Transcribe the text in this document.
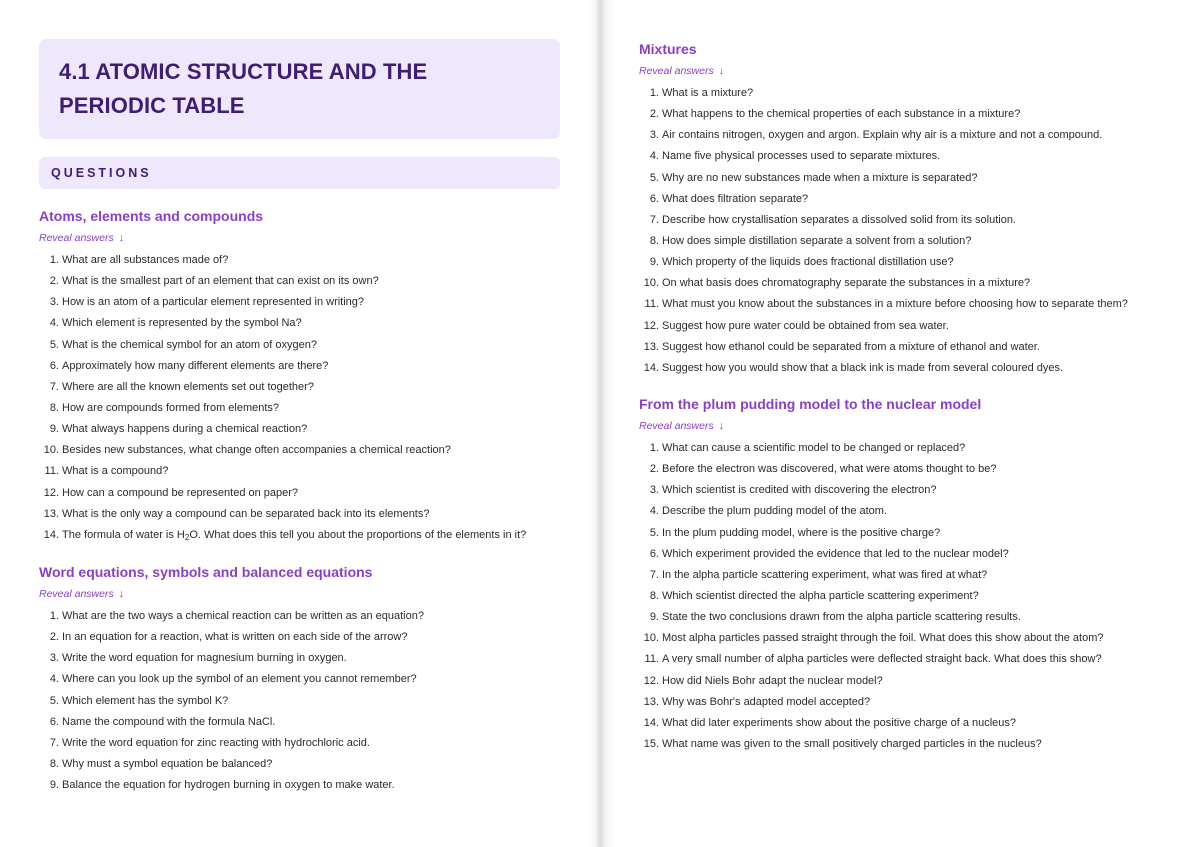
4.1 ATOMIC STRUCTURE AND THE
PERIODIC TABLE

QUESTIONS
Atoms, elements and compounds
Reveal answers ↓
1. What are all substances made of?
2. What is the smallest part of an element that can exist on its own?
3. How is an atom of a particular element represented in writing?
4. Which element is represented by the symbol Na?
5. What is the chemical symbol for an atom of oxygen?
6. Approximately how many different elements are there?
7. Where are all the known elements set out together?
8. How are compounds formed from elements?
9. What always happens during a chemical reaction?
10. Besides new substances, what change often accompanies a chemical reaction?
11. What is a compound?
12. How can a compound be represented on paper?
13. What is the only way a compound can be separated back into its elements?
14. The formula of water is $H_2O$. What does this tell you about the proportions of the elements in it?
Word equations, symbols and balanced equations
Reveal answers ↓
1. What are the two ways a chemical reaction can be written as an equation?
2. In an equation for a reaction, what is written on each side of the arrow?
3. Write the word equation for magnesium burning in oxygen.
4. Where can you look up the symbol of an element you cannot remember?
5. Which element has the symbol K?
6. Name the compound with the formula NaCl.
7. Write the word equation for zinc reacting with hydrochloric acid.
8. Why must a symbol equation be balanced?
9. Balance the equation for hydrogen burning in oxygen to make water.
Mixtures
Reveal answers ↓
1. What is a mixture?
2. What happens to the chemical properties of each substance in a mixture?
3. Air contains nitrogen, oxygen and argon. Explain why air is a mixture and not a compound.
4. Name five physical processes used to separate mixtures.
5. Why are no new substances made when a mixture is separated?
6. What does filtration separate?
7. Describe how crystallisation separates a dissolved solid from its solution.
8. How does simple distillation separate a solvent from a solution?
9. Which property of the liquids does fractional distillation use?
10. On what basis does chromatography separate the substances in a mixture?
11. What must you know about the substances in a mixture before choosing how to separate them?
12. Suggest how pure water could be obtained from sea water.
13. Suggest how ethanol could be separated from a mixture of ethanol and water.
14. Suggest how you would show that a black ink is made from several coloured dyes.
From the plum pudding model to the nuclear model
Reveal answers ↓
1. What can cause a scientific model to be changed or replaced?
2. Before the electron was discovered, what were atoms thought to be?
3. Which scientist is credited with discovering the electron?
4. Describe the plum pudding model of the atom.
5. In the plum pudding model, where is the positive charge?
6. Which experiment provided the evidence that led to the nuclear model?
7. In the alpha particle scattering experiment, what was fired at what?
8. Which scientist directed the alpha particle scattering experiment?
9. State the two conclusions drawn from the alpha particle scattering results.
10. Most alpha particles passed straight through the foil. What does this show about the atom?
11. A very small number of alpha particles were deflected straight back. What does this show?
12. How did Niels Bohr adapt the nuclear model?
13. Why was Bohr's adapted model accepted?
14. What did later experiments show about the positive charge of a nucleus?
15. What name was given to the small positively charged particles in the nucleus?
